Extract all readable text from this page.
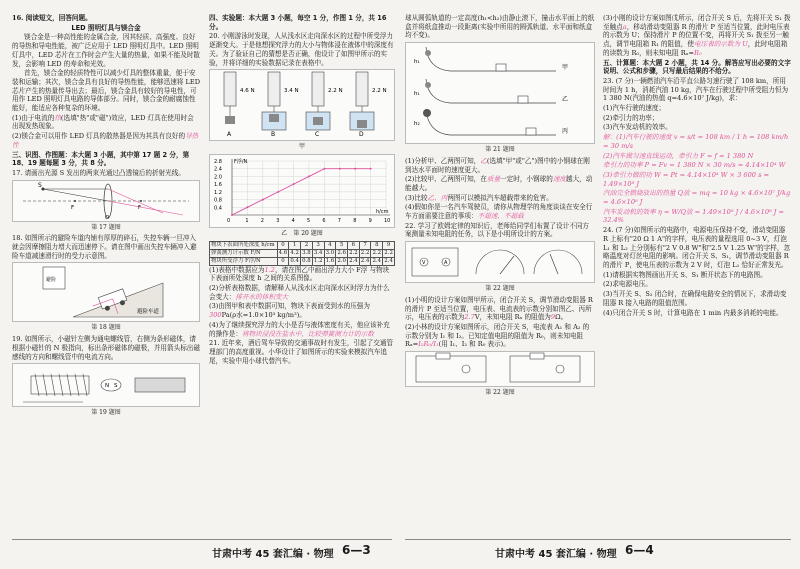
16. 阅读短文，回答问题。

LED 照明灯具与镁合金

镁合金是一种高性能的金属合金，因其轻质、高强度、良好的导热和导电性能，被广泛应用于 LED 照明灯具中。LED 照明灯具中，LED 芯片在工作时会产生大量的热量，如果不能及时散发，会影响 LED 的寿命和光效。

首先，镁合金的轻质特性可以减少灯具的整体重量，便于安装和运输；其次，镁合金具有良好的导热性能，能够迅速将 LED 芯片产生的热量传导出去；最后，镁合金具有较好的导电性，可用作 LED 照明灯具电路的导体部分。同时，镁合金的耐腐蚀性能好，能适应各种复杂的环境。

(1)由于电流的热(选填"热"或"磁")效应，LED 灯具在使用时会出现发热现象。

(2)镁合金可以用作 LED 灯具的散热器是因为其具有良好的导热性

三、识图、作图题：本大题 3 小题，其中第 17 题 2 分，第 18、19 题每题 3 分，共 8 分。

17. 请画出光源 S 发出的两束光通过凸透镜后的折射光线。

S
F	F
O

第 17 题图

18. 如图所示的避险车道内铺有厚厚的碎石，失控车辆一旦冲入就会因摩擦阻力增大而迅速停下。请在图中画出失控车辆冲入避险车道减速滑行时的受力示意图。

避险
避险车道

第 18 题图

19. 如图所示，小磁针左侧为通电螺线管，右侧为条形磁体，请根据小磁针的 N 极指向，标出条形磁体的磁极，并用箭头标出磁感线的方向和螺线管中的电流方向。

N S

第 19 题图

四、实验题：本大题 3 小题，每空 1 分，作图 1 分，共 16 分。

20. 小刚游泳时发现，人从浅水区走向深水区的过程中所受浮力逐渐变大。于是他想探究浮力的大小与物体浸在液体中的深度有关。为了验证自己的猜想是否正确，他设计了如图甲所示的实验，并将详细的实验数据记录在表格中。

4.6 N
A
3.4 N
B
2.2 N
C
2.2 N
D

甲

1 2 3 4 5 6 7 8 9 10
0.4
0.8
1.2
1.6
2.0
2.4
2.8
0
h/cm
F浮/N

乙　 第 20 题图

物块下表面所处深度 h/cm	0	1	2	3	4	5	6	7	8	9
弹簧测力计示数 F/N	4.6	4.2	3.8	3.4	3.0	2.6	2.2	2.2	2.2	2.2
物块所受浮力 F浮/N	0	0.4	0.8	1.2	1.6	2.0	2.4	2.4	2.4	2.4

(1)表格中数据应为1.2，请在图乙中画出浮力大小 F浮 与物块下表面所处深度 h 之间的关系图像。

(2)分析表格数据，请解释人从浅水区走向深水区时浮力为什么会变大：排开水的体积变大

(3)由图甲和表中数据可知，物块下表面受到水的压强为300Pa(ρ水=1.0×10³ kg/m³)。

(4)为了继续探究浮力的大小是否与液体密度有关，他应该补充的操作是：将物块浸没在盐水中，比较弹簧测力计的示数

21. 近年来，酒后驾车导致的交通事故时有发生，引起了交通管理部门的高度重视。小华设计了如图所示的实验来模拟汽车追尾，实验中用小球代替汽车。

球从圆弧轨道的一定高度(h₁<h₂)由静止滚下，撞击水平面上的纸盒并将纸盒推动一段距离(实验中所用的圆弧轨道、水平面和纸盒均不变)。

h₁
甲
h₁
乙
h₂
丙

第 21 题图

(1)分析甲、乙两图可知，乙(选填"甲"或"乙")图中的小钢球在刚到达水平面时的速度更大。

(2)比较甲、乙两图可知，在质量一定时，小钢球的速度越大，动能越大。

(3)比较乙、丙两图可以模拟汽车超载带来的危害。

(4)假如你是一名汽车驾驶员，请你从物理学的角度谈谈在安全行车方面需要注意的事项：不超速、不超载

22. 学习了欧姆定律的知识后，老师给同学们布置了设计不同方案测量未知电阻的任务，以下是小明所设计的方案。

V	A

第 22 题图

(1)小明的设计方案如图甲所示，闭合开关 S，调节滑动变阻器 R 的滑片 P 至适当位置，电压表、电流表的示数分别如图乙、丙所示，电压表的示数为2.7V，未知电阻 Rₓ 的阻值为9Ω。

(2)小林的设计方案如图所示，闭合开关 S，电流表 A₁ 和 A₂ 的示数分别为 I₁ 和 I₂。已知定值电阻的阻值为 R₀，则未知电阻 Rₓ=I₂R₀/I₁(用 I₁、I₂ 和 R₀ 表示)。

第 22 题图

(3)小刚的设计方案如图戊所示，闭合开关 S 后，先将开关 S₁ 拨至触点a，移动滑动变阻器 R 的滑片 P 至适当位置，此时电压表的示数为 U；保持滑片 P 的位置不变，再将开关 S₁ 拨至另一触点，调节电阻箱 R₁ 的阻值，使电压表的示数为 U，此时电阻箱的读数为 R₀，则未知电阻 Rₓ=R₀

五、计算题：本大题 2 小题，共 14 分。解答应写出必要的文字说明、公式和步骤，只写最后结果的不给分。

23. (7 分)一辆燃油汽车沿平直公路匀速行驶了 108 km，所用时间为 1 h，消耗汽油 10 kg，汽车在行驶过程中所受阻力恒为 1 380 N(汽油的热值 q=4.6×10⁷ J/kg)，求：

(1)汽车行驶的速度；

(2)牵引力的功率；

(3)汽车发动机的效率。

解：(1)汽车行驶的速度 v = s/t = 108 km / 1 h = 108 km/h = 30 m/s

(2)汽车做匀速直线运动，牵引力 F = f = 1 380 N

牵引力的功率 P = Fv = 1 380 N × 30 m/s = 4.14×10⁴ W

(3)牵引力做的功 W = Pt = 4.14×10⁴ W × 3 600 s ≈ 1.49×10⁸ J

汽油完全燃烧放出的热量 Q放 = mq = 10 kg × 4.6×10⁷ J/kg = 4.6×10⁸ J

汽车发动机的效率 η = W/Q放 = 1.49×10⁸ J / 4.6×10⁸ J ≈ 32.4%

24. (7 分)如图所示的电路中，电源电压保持不变，滑动变阻器 R 上标有"20 Ω 1 A"的字样，电压表的量程选用 0~3 V，灯泡 L₁ 和 L₂ 上分别标有"2 V 0.8 W"和"2.5 V 1.25 W"的字样，忽略温度对灯丝电阻的影响。闭合开关 S、S₁，调节滑动变阻器 R 的滑片 P，使电压表的示数为 2 V 时，灯泡 L₁ 恰好正常发光。

(1)请根据实物图画出开关 S、S₁ 断开状态下的电路图。

(2)求电源电压。

(3)当开关 S、S₂ 闭合时，在确保电路安全的情况下，求滑动变阻器 R 接入电路的阻值范围。

(4)只闭合开关 S 时，计算电路在 1 min 内最多消耗的电能。

甘肃中考 45 套汇编 · 物理 6—3	甘肃中考 45 套汇编 · 物理 6—4
